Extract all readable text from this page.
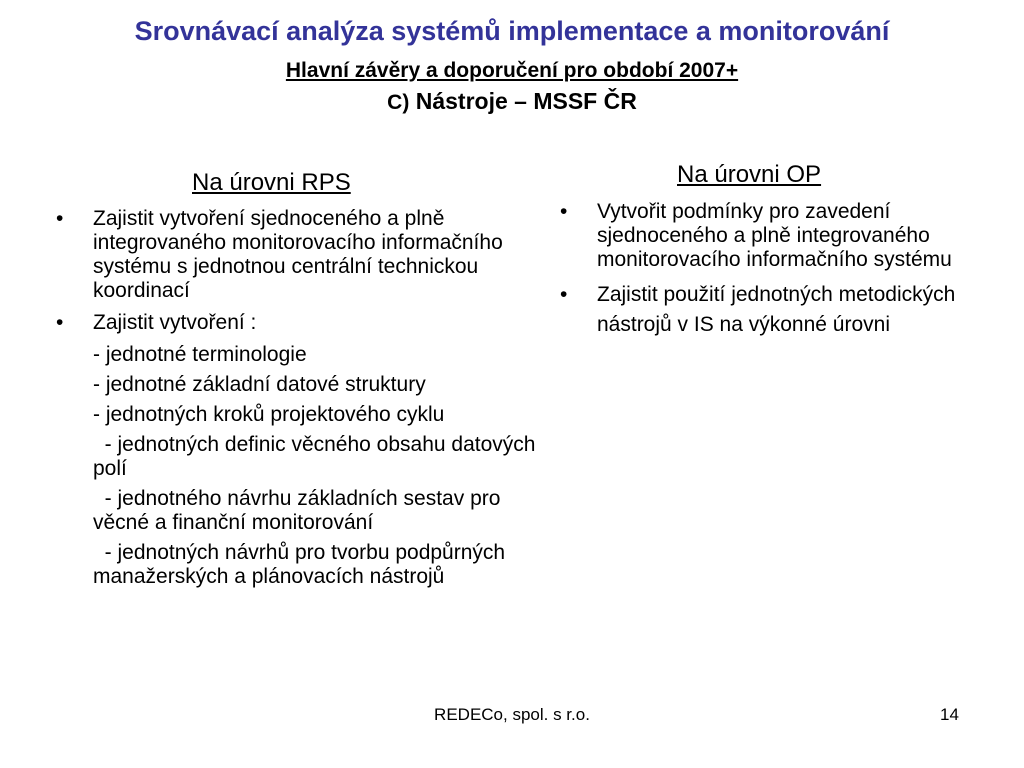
Srovnávací analýza systémů implementace a monitorování
Hlavní závěry a doporučení pro období 2007+
C) Nástroje – MSSF ČR
Na úrovni RPS	Na úrovni OP
• Zajistit vytvoření sjednoceného a plně integrovaného monitorovacího informačního systému s jednotnou centrální technickou koordinací
• Zajistit vytvoření :
- jednotné terminologie
- jednotné základní datové struktury
- jednotných kroků projektového cyklu
- jednotných definic věcného obsahu datových polí
- jednotného návrhu základních sestav pro věcné a finanční monitorování
- jednotných návrhů pro tvorbu podpůrných manažerských a plánovacích nástrojů
• Vytvořit podmínky pro zavedení sjednoceného a plně integrovaného monitorovacího informačního systému
• Zajistit použití jednotných metodických nástrojů v IS na výkonné úrovni
REDECo, spol. s r.o.	14
